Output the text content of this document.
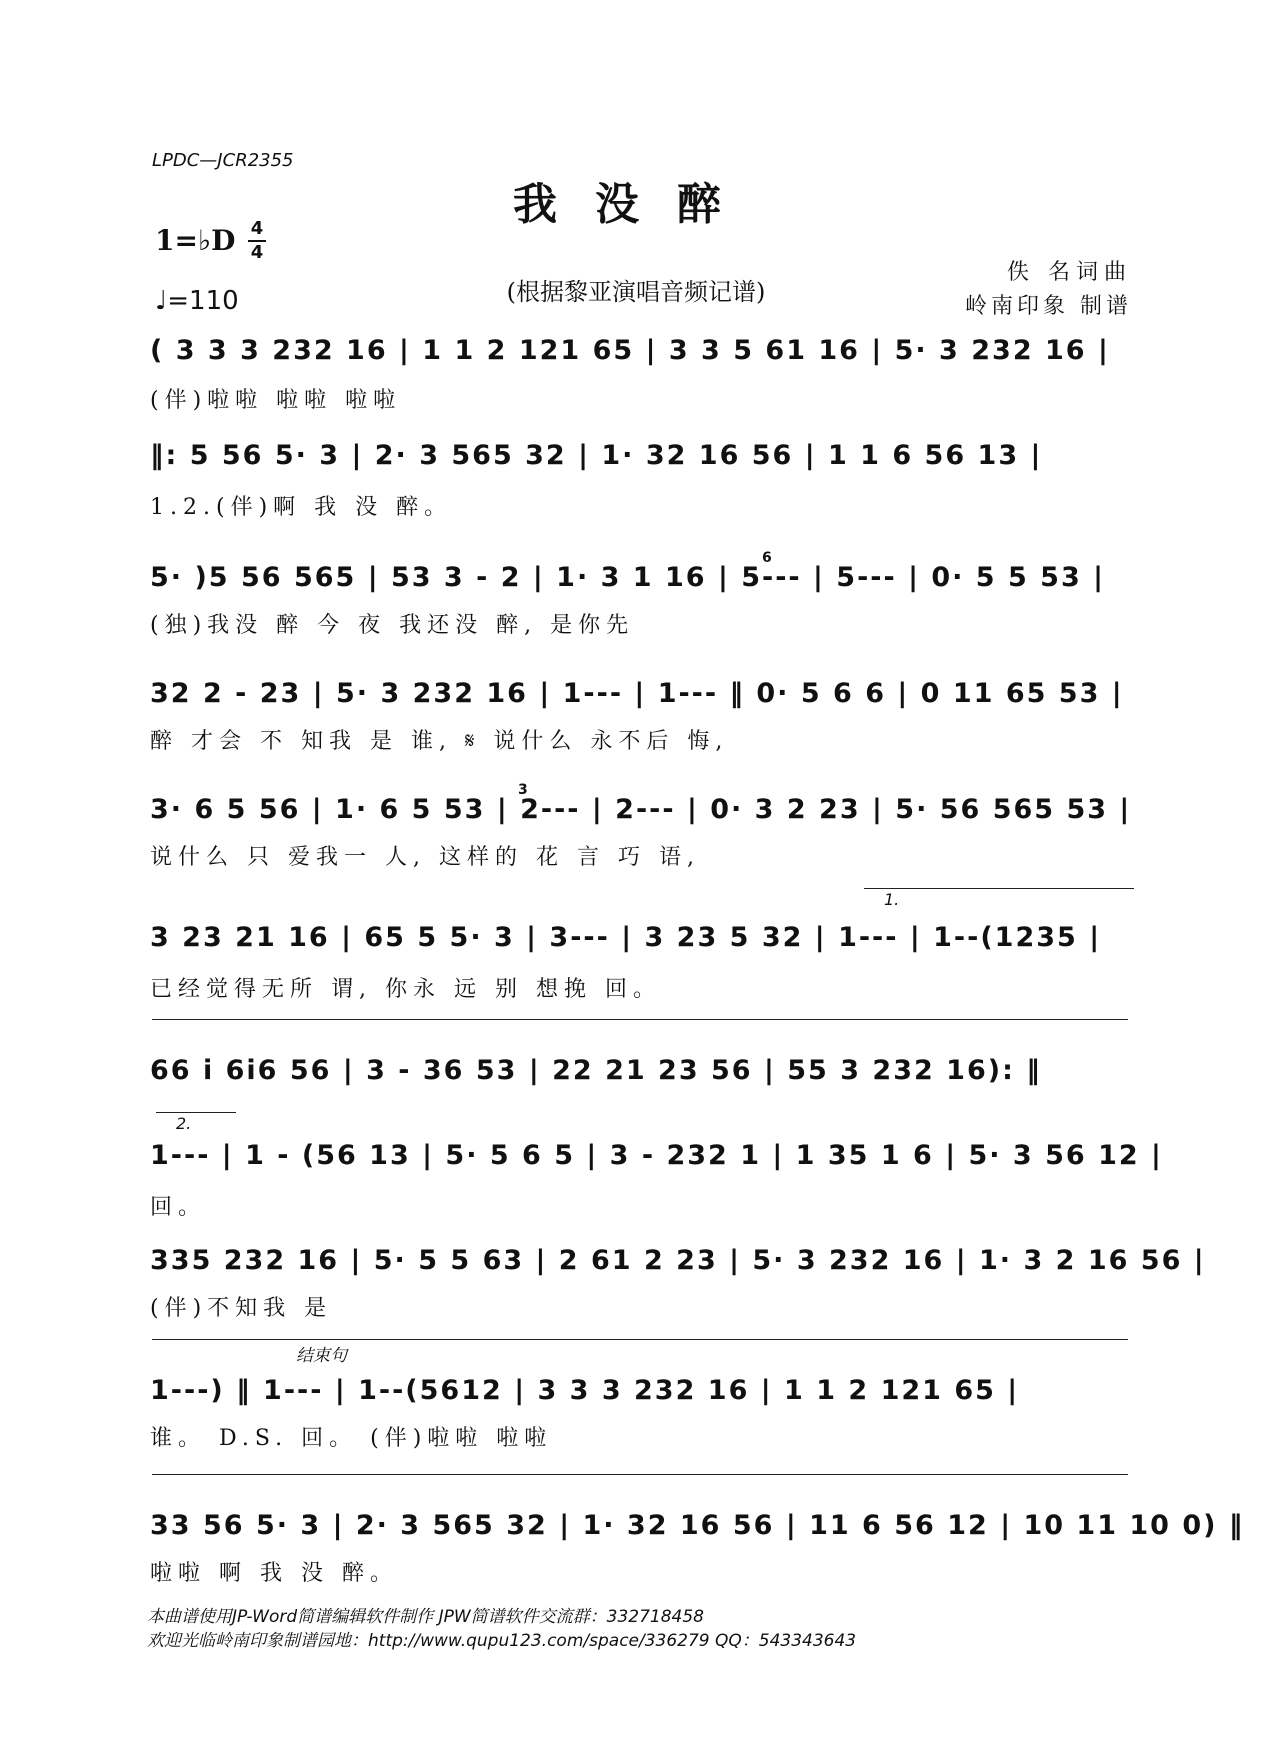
LPDC—JCR2355
我没醉
1=♭D 4
4
♩=110	(根据黎亚演唱音频记谱)
佚 名词曲
岭南印象 制谱
( 3 3 3 232 16 | 1 1 2 121 65 | 3 3 5 61 16 | 5· 3 232 16 |
(伴)啦啦 啦啦 啦啦
‖: 5 56 5· 3 | 2· 3 565 32 | 1· 32 16 56 | 1 1 6 56 13 |
1.2.(伴)啊 我 没 醉。
5· )5 56 565 | 53 3 - 2 | 1· 3 1 16 | 5--- | 5--- | 0· 5 5 53 |
(独)我没 醉 今 夜 我还没 醉, 是你先
6
32 2 - 23 | 5· 3 232 16 | 1--- | 1--- ‖ 0· 5 6 6 | 0 11 65 53 |
醉 才会 不 知我 是 谁, 𝄋 说什么 永不后 悔,
3· 6 5 56 | 1· 6 5 53 | 2--- | 2--- | 0· 3 2 23 | 5· 56 565 53 |
说什么 只 爱我一 人, 这样的 花 言 巧 语,
3
1.
3 23 21 16 | 65 5 5· 3 | 3--- | 3 23 5 32 | 1--- | 1--(1235 |
已经觉得无所 谓, 你永 远 别 想挽 回。
66 i 6i6 56 | 3 - 36 53 | 22 21 23 56 | 55 3 232 16): ‖
2.
1--- | 1 - (56 13 | 5· 5 6 5 | 3 - 232 1 | 1 35 1 6 | 5· 3 56 12 |
回。
335 232 16 | 5· 5 5 63 | 2 61 2 23 | 5· 3 232 16 | 1· 3 2 16 56 |
(伴)不知我 是
结束句
1---) ‖ 1--- | 1--(5612 | 3 3 3 232 16 | 1 1 2 121 65 |
谁。 D.S. 回。 (伴)啦啦 啦啦
33 56 5· 3 | 2· 3 565 32 | 1· 32 16 56 | 11 6 56 12 | 10 11 10 0) ‖
啦啦 啊 我 没 醉。
本曲谱使用JP-Word简谱编辑软件制作 JPW简谱软件交流群：332718458
欢迎光临岭南印象制谱园地：http://www.qupu123.com/space/336279 QQ：543343643
